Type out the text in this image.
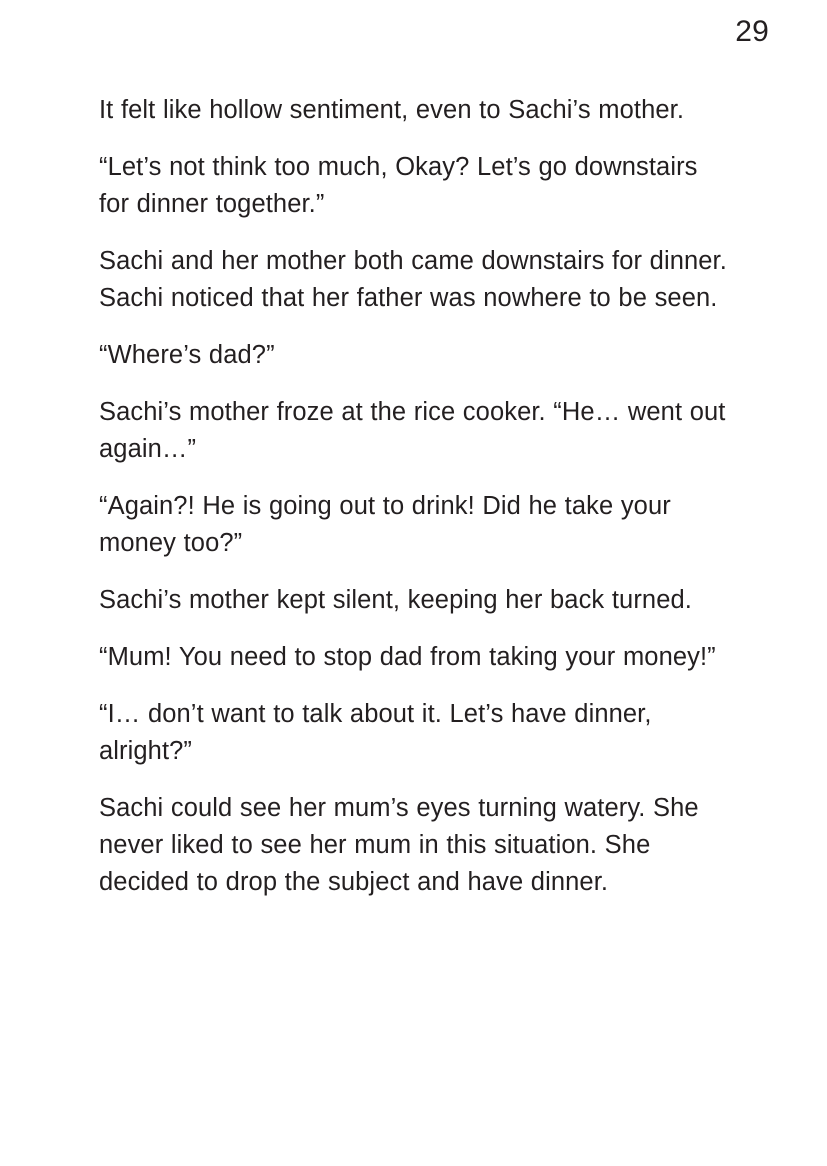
29

It felt like hollow sentiment, even to Sachi’s mother.

“Let’s not think too much, Okay? Let’s go downstairs for dinner together.”

Sachi and her mother both came downstairs for dinner. Sachi noticed that her father was nowhere to be seen.

“Where’s dad?”

Sachi’s mother froze at the rice cooker. “He… went out again…”

“Again?! He is going out to drink! Did he take your money too?”

Sachi’s mother kept silent, keeping her back turned.

“Mum! You need to stop dad from taking your money!”

“I… don’t want to talk about it. Let’s have dinner, alright?”

Sachi could see her mum’s eyes turning watery. She never liked to see her mum in this situation. She decided to drop the subject and have dinner.
